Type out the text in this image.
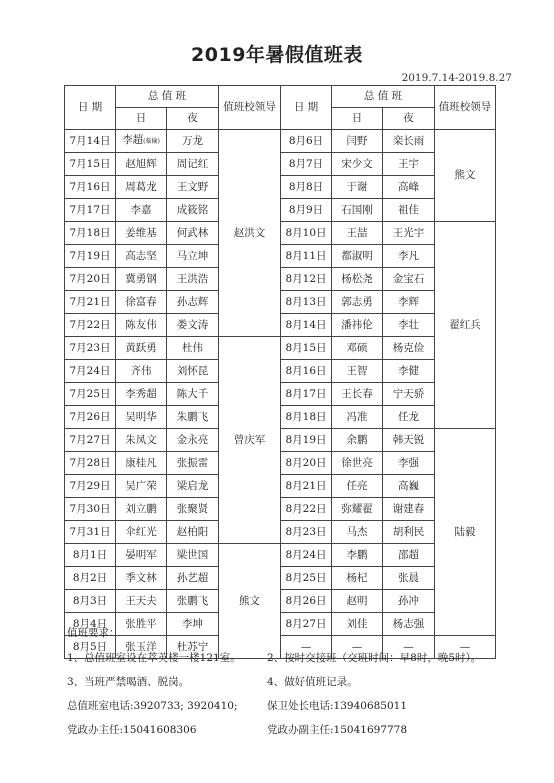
2019年暑假值班表
2019.7.14-2019.8.27
日 期	总 值 班		值班校领导	日 期	总 值 班		值班校领导
	日	夜			日	夜	
7月14日	李超(临输)	万龙	赵洪文	8月6日	闫野	栾长雨	熊文
7月15日	赵旭辉	周记红		8月7日	宋少文	王宇	
7月16日	周葛龙	王文野		8月8日	于谢	高峰	
7月17日	李嘉	成筱铭		8月9日	石国刚	祖佳	
7月18日	姜维基	何武林		8月10日	王喆	王光宇	翟红兵
7月19日	高志坚	马立坤		8月11日	都淑明	李凡	
7月20日	冀勇钢	王洪浩		8月12日	杨松尧	金宝石	
7月21日	徐富春	孙志辉		8月13日	郭志勇	李辉	
7月22日	陈友伟	娄文涛		8月14日	潘祎伦	李壮	
7月23日	黄跃勇	杜伟	曾庆军	8月15日	邓硕	杨克俭	
7月24日	齐伟	刘怀昆		8月16日	王智	李健	
7月25日	李秀超	陈大千		8月17日	王长春	宁天骄	
7月26日	吴明华	朱鹏飞		8月18日	冯准	任龙	
7月27日	朱凤文	金永亮		8月19日	余鹏	韩天锐	陆毅
7月28日	康桂凡	张振雷		8月20日	徐世亮	李强	
7月29日	吴广荣	梁启龙		8月21日	任亮	高巍	
7月30日	刘立鹏	张聚贤		8月22日	弥耀翟	谢建春	
7月31日	伞红光	赵柏阳		8月23日	马杰	胡利民	
8月1日	晏明军	梁世国	熊文	8月24日	李鹏	邵超	
8月2日	季文林	孙艺超		8月25日	杨杞	张晨	
8月3日	王天夫	张鹏飞		8月26日	赵明	孙冲	
8月4日	张胜平	李坤		8月27日	刘佳	杨志强	
8月5日	张玉洋	杜苏宁		—	—	—	—
值班要求：
1、总值班室设在萃英楼一楼121室。	2、按时交接班（交班时间：早8时，晚5时）。
3、当班严禁喝酒、脱岗。	4、做好值班记录。
总值班室电话:3920733; 3920410;	保卫处长电话:13940685011
党政办主任:15041608306	党政办副主任:15041697778
